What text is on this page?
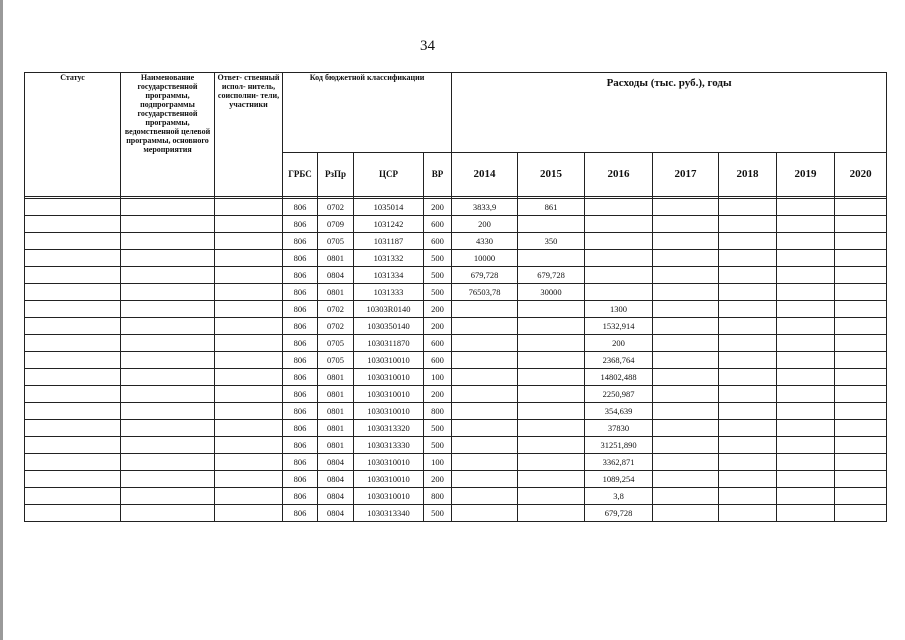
34
Статус	Наименование государственной программы, подпрограммы государственной программы, ведомственной целевой программы, основного мероприятия	Ответ- ственный испол- нитель, соисполни- тели, участники	Код бюджетной классификации				Расходы (тыс. руб.), годы						
			ГРБС	РзПр	ЦСР	ВР	2014	2015	2016	2017	2018	2019	2020

			806	0702	1035014	200	3833,9	861					
			806	0709	1031242	600	200						
			806	0705	1031187	600	4330	350					
			806	0801	1031332	500	10000						
			806	0804	1031334	500	679,728	679,728					
			806	0801	1031333	500	76503,78	30000					
			806	0702	10303R0140	200			1300				
			806	0702	1030350140	200			1532,914				
			806	0705	1030311870	600			200				
			806	0705	1030310010	600			2368,764				
			806	0801	1030310010	100			14802,488				
			806	0801	1030310010	200			2250,987				
			806	0801	1030310010	800			354,639				
			806	0801	1030313320	500			37830				
			806	0801	1030313330	500			31251,890				
			806	0804	1030310010	100			3362,871				
			806	0804	1030310010	200			1089,254				
			806	0804	1030310010	800			3,8				
			806	0804	1030313340	500			679,728				
